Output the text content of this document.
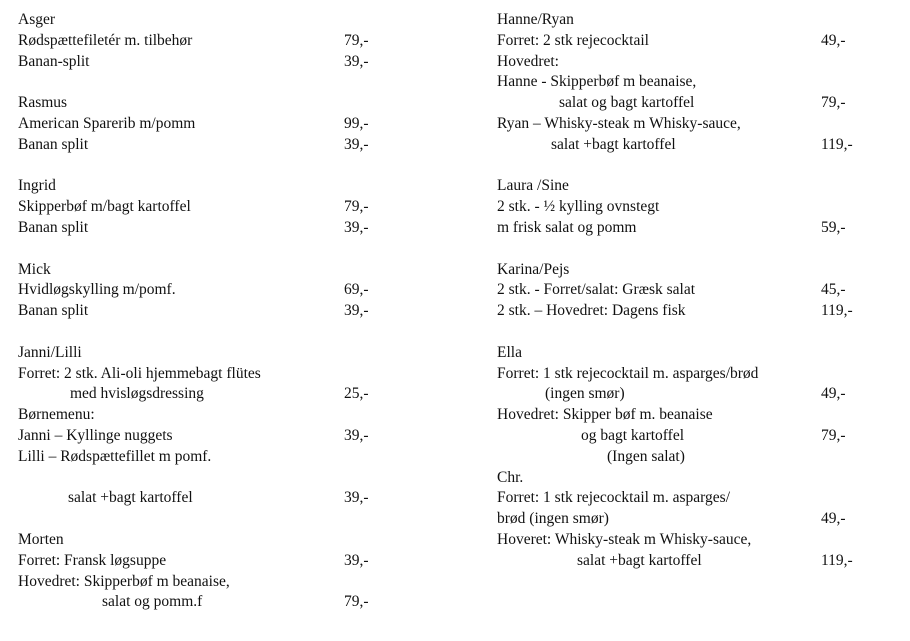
Asger
Rødspættefiletér m. tilbehør	79,-
Banan-split	39,-
Rasmus
American Sparerib m/pomm	99,-
Banan split	39,-
Ingrid
Skipperbøf m/bagt kartoffel	79,-
Banan split	39,-
Mick
Hvidløgskylling m/pomf.	69,-
Banan split	39,-
Janni/Lilli
Forret: 2 stk. Ali-oli hjemmebagt flütes
med hvisløgsdressing	25,-
Børnemenu:
Janni – Kyllinge nuggets	39,-
Lilli – Rødspættefillet m pomf.
salat +bagt kartoffel	39,-
Morten
Forret: Fransk løgsuppe	39,-
Hovedret: Skipperbøf m beanaise,
salat og pomm.f	79,-
Hanne/Ryan
Forret: 2 stk rejecocktail	49,-
Hovedret:
Hanne - Skipperbøf m beanaise,
salat og bagt kartoffel	79,-
Ryan – Whisky-steak m Whisky-sauce,
salat +bagt kartoffel	119,-
Laura /Sine
2 stk. - ½ kylling ovnstegt
m frisk salat og pomm	59,-
Karina/Pejs
2 stk. - Forret/salat: Græsk salat	45,-
2 stk. – Hovedret: Dagens fisk	119,-
Ella
Forret: 1 stk rejecocktail m. asparges/brød
(ingen smør)	49,-
Hovedret: Skipper bøf m. beanaise
og bagt kartoffel	79,-
(Ingen salat)
Chr.
Forret: 1 stk rejecocktail m. asparges/
brød (ingen smør)	49,-
Hoveret: Whisky-steak m Whisky-sauce,
salat +bagt kartoffel	119,-
